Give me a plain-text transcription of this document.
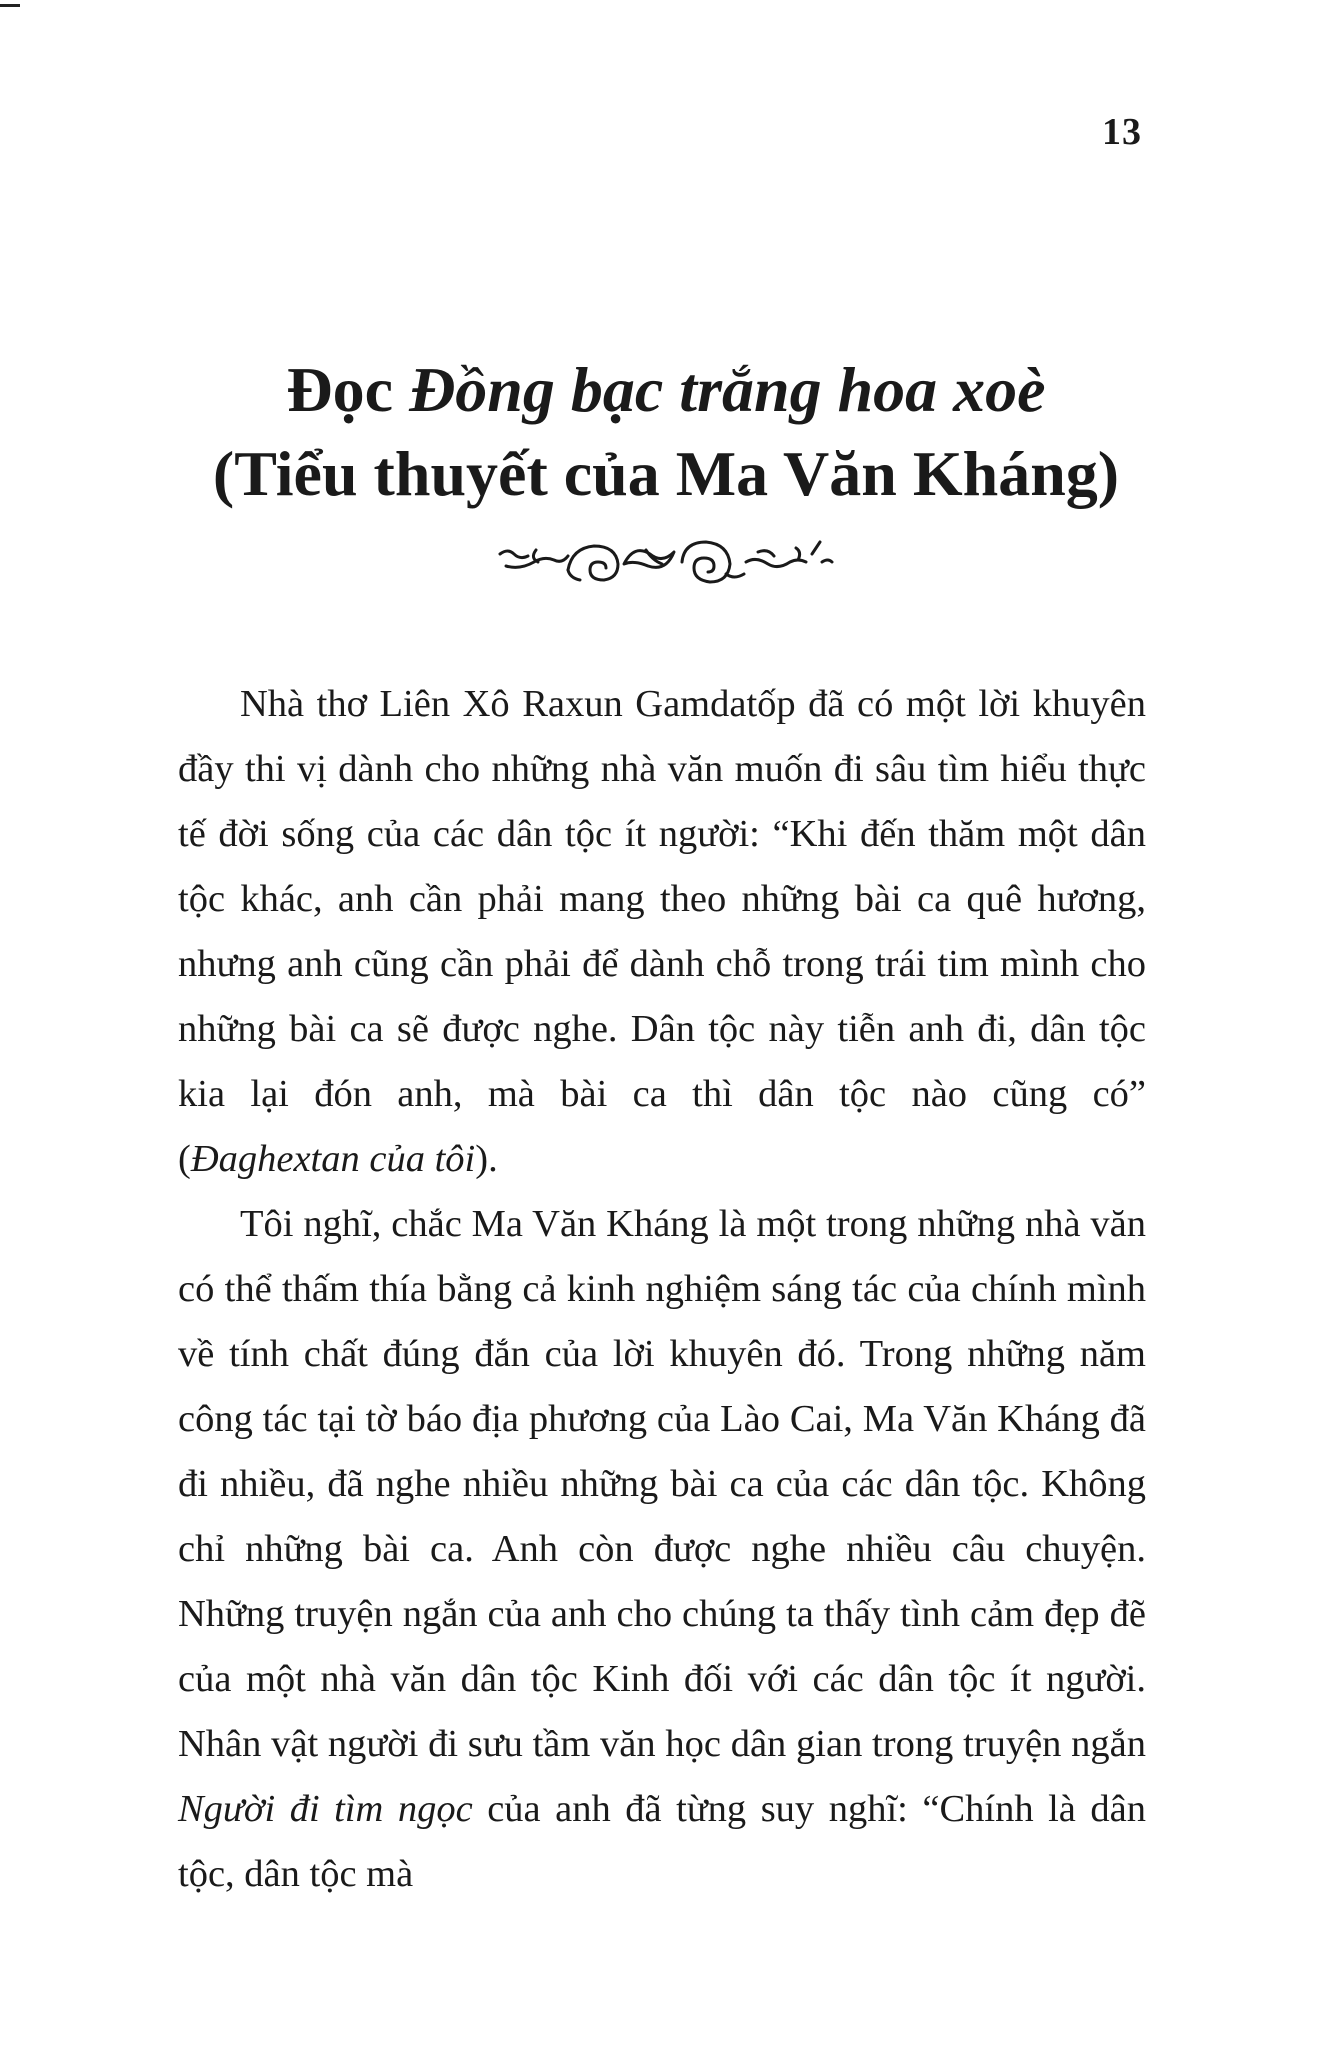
13
Đọc Đồng bạc trắng hoa xoè
(Tiểu thuyết của Ma Văn Kháng)

Nhà thơ Liên Xô Raxun Gamdatốp đã có một lời khuyên đầy thi vị dành cho những nhà văn muốn đi sâu tìm hiểu thực tế đời sống của các dân tộc ít người: “Khi đến thăm một dân tộc khác, anh cần phải mang theo những bài ca quê hương, nhưng anh cũng cần phải để dành chỗ trong trái tim mình cho những bài ca sẽ được nghe. Dân tộc này tiễn anh đi, dân tộc kia lại đón anh, mà bài ca thì dân tộc nào cũng có” (Đaghextan của tôi).

Tôi nghĩ, chắc Ma Văn Kháng là một trong những nhà văn có thể thấm thía bằng cả kinh nghiệm sáng tác của chính mình về tính chất đúng đắn của lời khuyên đó. Trong những năm công tác tại tờ báo địa phương của Lào Cai, Ma Văn Kháng đã đi nhiều, đã nghe nhiều những bài ca của các dân tộc. Không chỉ những bài ca. Anh còn được nghe nhiều câu chuyện. Những truyện ngắn của anh cho chúng ta thấy tình cảm đẹp đẽ của một nhà văn dân tộc Kinh đối với các dân tộc ít người. Nhân vật người đi sưu tầm văn học dân gian trong truyện ngắn Người đi tìm ngọc của anh đã từng suy nghĩ: “Chính là dân tộc, dân tộc mà
